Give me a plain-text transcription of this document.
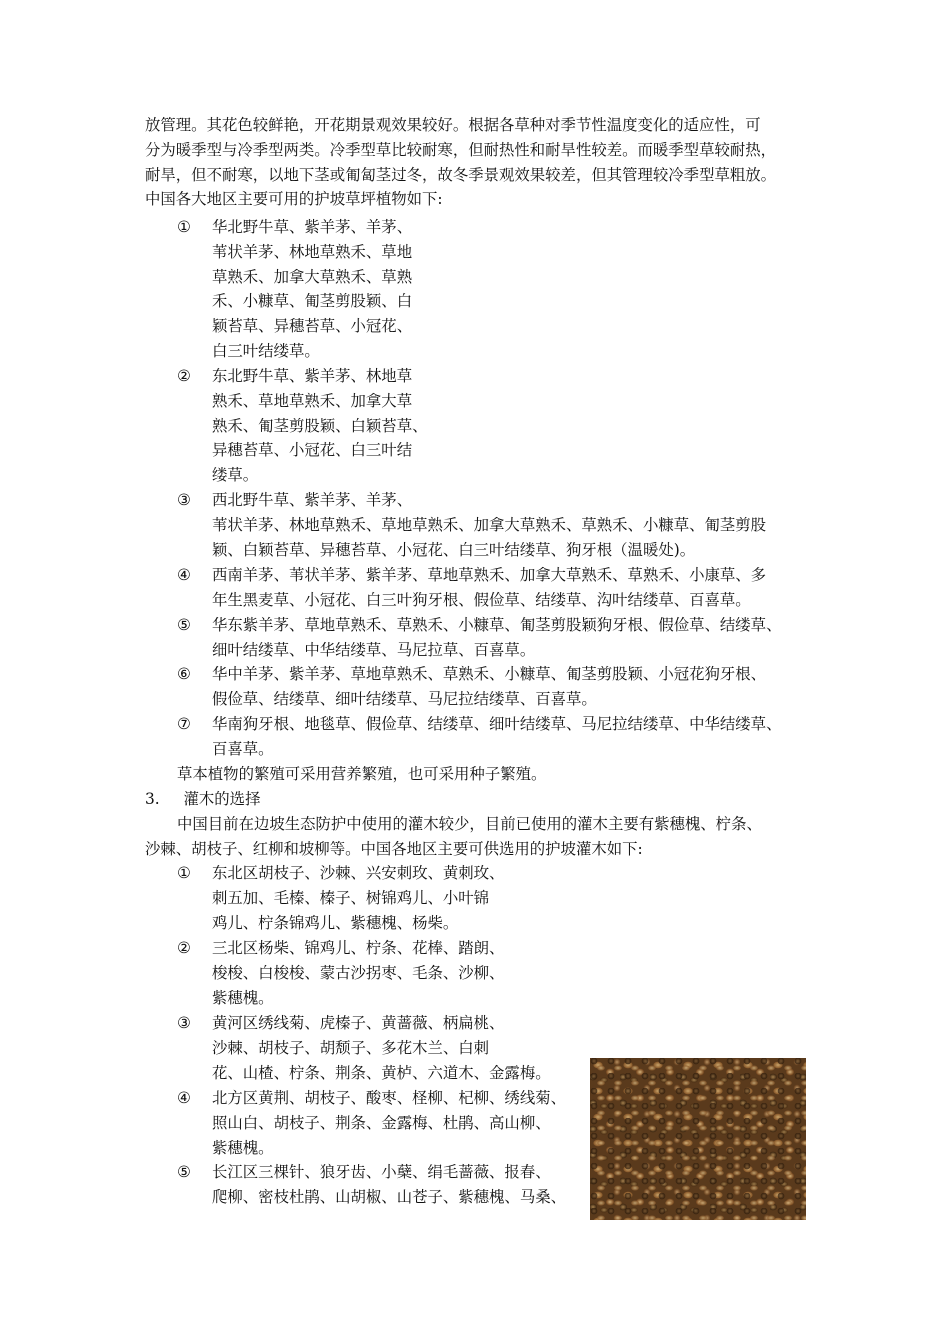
放管理。其花色较鲜艳，开花期景观效果较好。根据各草种对季节性温度变化的适应性，可

分为暖季型与冷季型两类。冷季型草比较耐寒，但耐热性和耐旱性较差。而暖季型草较耐热，

耐旱，但不耐寒，以地下茎或匍匐茎过冬，故冬季景观效果较差，但其管理较冷季型草粗放。

中国各大地区主要可用的护坡草坪植物如下:

①	华北野牛草、紫羊茅、羊茅、
苇状羊茅、林地草熟禾、草地
草熟禾、加拿大草熟禾、草熟
禾、小糠草、匍茎剪股颖、白
颖苔草、异穗苔草、小冠花、
白三叶结缕草。
②	东北野牛草、紫羊茅、林地草
熟禾、草地草熟禾、加拿大草
熟禾、匍茎剪股颖、白颖苔草、
异穗苔草、小冠花、白三叶结
缕草。
③	西北野牛草、紫羊茅、羊茅、
苇状羊茅、林地草熟禾、草地草熟禾、加拿大草熟禾、草熟禾、小糠草、匍茎剪股
颖、白颖苔草、异穗苔草、小冠花、白三叶结缕草、狗牙根（温暖处)。
④	西南羊茅、苇状羊茅、紫羊茅、草地草熟禾、加拿大草熟禾、草熟禾、小康草、多
年生黑麦草、小冠花、白三叶狗牙根、假俭草、结缕草、沟叶结缕草、百喜草。
⑤	华东紫羊茅、草地草熟禾、草熟禾、小糠草、匍茎剪股颖狗牙根、假俭草、结缕草、
细叶结缕草、中华结缕草、马尼拉草、百喜草。
⑥	华中羊茅、紫羊茅、草地草熟禾、草熟禾、小糠草、匍茎剪股颖、小冠花狗牙根、
假俭草、结缕草、细叶结缕草、马尼拉结缕草、百喜草。
⑦	华南狗牙根、地毯草、假俭草、结缕草、细叶结缕草、马尼拉结缕草、中华结缕草、
百喜草。
草本植物的繁殖可采用营养繁殖，也可采用种子繁殖。
3. 灌木的选择
中国目前在边坡生态防护中使用的灌木较少，目前已使用的灌木主要有紫穗槐、柠条、
沙棘、胡枝子、红柳和坡柳等。中国各地区主要可供选用的护坡灌木如下:
①	东北区胡枝子、沙棘、兴安刺玫、黄刺玫、
刺五加、毛榛、榛子、树锦鸡儿、小叶锦
鸡儿、柠条锦鸡儿、紫穗槐、杨柴。
②	三北区杨柴、锦鸡儿、柠条、花棒、踏朗、
梭梭、白梭梭、蒙古沙拐枣、毛条、沙柳、
紫穗槐。
③	黄河区绣线菊、虎榛子、黄蔷薇、柄扁桃、
沙棘、胡枝子、胡颓子、多花木兰、白刺
花、山楂、柠条、荆条、黄栌、六道木、金露梅。
④	北方区黄荆、胡枝子、酸枣、柽柳、杞柳、绣线菊、
照山白、胡枝子、荆条、金露梅、杜鹃、高山柳、
紫穗槐。
⑤	长江区三棵针、狼牙齿、小蘖、绢毛蔷薇、报春、
爬柳、密枝杜鹃、山胡椒、山苍子、紫穗槐、马桑、
